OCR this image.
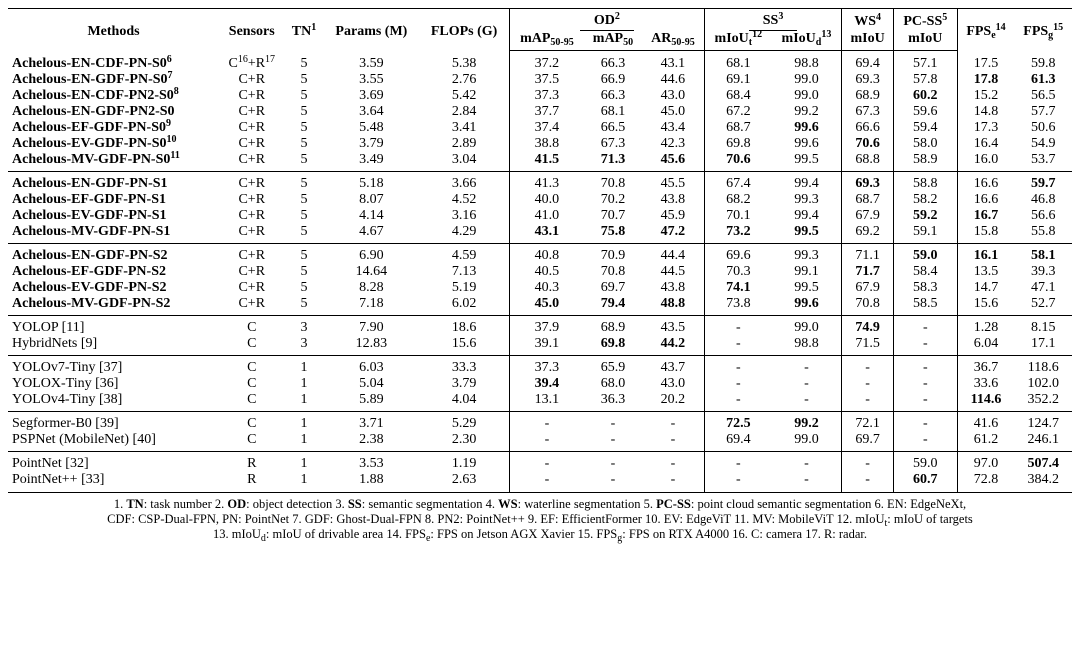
Methods	Sensors	$TN^1$	Params (M)	FLOPs (G)	$OD^2$			$SS^3$		$WS^4$	$PC-SS^5$	$FPS_e^{14}$	$FPS_g^{15}$
					mAP$_{50-95}$	mAP$_{50}$	$AR_{50-95}$	mIoU$_t^{12}$	mIoU$_d^{13}$	mIoU	mIoU		
Achelous-$EN-CDF-PN-S0^6$	$C^{16}+R^{17}$	5	3.59	5.38	37.2	66.3	43.1	68.1	98.8	69.4	57.1	17.5	59.8
Achelous-$EN-GDF-PN-S0^7$	C+R	5	3.55	2.76	37.5	66.9	44.6	69.1	99.0	69.3	57.8	17.8	61.3
Achelous-$EN-CDF-PN2-S0^8$	C+R	5	3.69	5.42	37.3	66.3	43.0	68.4	99.0	68.9	60.2	15.2	56.5
Achelous-EN-GDF-PN2-S0	C+R	5	3.64	2.84	37.7	68.1	45.0	67.2	99.2	67.3	59.6	14.8	57.7
Achelous-$EF-GDF-PN-S0^9$	C+R	5	5.48	3.41	37.4	66.5	43.4	68.7	99.6	66.6	59.4	17.3	50.6
Achelous-$EV-GDF-PN-S0^{10}$	C+R	5	3.79	2.89	38.8	67.3	42.3	69.8	99.6	70.6	58.0	16.4	54.9
Achelous-$MV-GDF-PN-S0^{11}$	C+R	5	3.49	3.04	41.5	71.3	45.6	70.6	99.5	68.8	58.9	16.0	53.7
Achelous-EN-GDF-PN-S1	C+R	5	5.18	3.66	41.3	70.8	45.5	67.4	99.4	69.3	58.8	16.6	59.7
Achelous-EF-GDF-PN-S1	C+R	5	8.07	4.52	40.0	70.2	43.8	68.2	99.3	68.7	58.2	16.6	46.8
Achelous-EV-GDF-PN-S1	C+R	5	4.14	3.16	41.0	70.7	45.9	70.1	99.4	67.9	59.2	16.7	56.6
Achelous-MV-GDF-PN-S1	C+R	5	4.67	4.29	43.1	75.8	47.2	73.2	99.5	69.2	59.1	15.8	55.8
Achelous-EN-GDF-PN-S2	C+R	5	6.90	4.59	40.8	70.9	44.4	69.6	99.3	71.1	59.0	16.1	58.1
Achelous-EF-GDF-PN-S2	C+R	5	14.64	7.13	40.5	70.8	44.5	70.3	99.1	71.7	58.4	13.5	39.3
Achelous-EV-GDF-PN-S2	C+R	5	8.28	5.19	40.3	69.7	43.8	74.1	99.5	67.9	58.3	14.7	47.1
Achelous-MV-GDF-PN-S2	C+R	5	7.18	6.02	45.0	79.4	48.8	73.8	99.6	70.8	58.5	15.6	52.7
YOLOP [11]	C	3	7.90	18.6	37.9	68.9	43.5	-	99.0	74.9	-	1.28	8.15
HybridNets [9]	C	3	12.83	15.6	39.1	69.8	44.2	-	98.8	71.5	-	6.04	17.1
YOLOv7-Tiny [37]	C	1	6.03	33.3	37.3	65.9	43.7	-	-	-	-	36.7	118.6
YOLOX-Tiny [36]	C	1	5.04	3.79	39.4	68.0	43.0	-	-	-	-	33.6	102.0
YOLOv4-Tiny [38]	C	1	5.89	4.04	13.1	36.3	20.2	-	-	-	-	114.6	352.2
Segformer-B0 [39]	C	1	3.71	5.29	-	-	-	72.5	99.2	72.1	-	41.6	124.7
PSPNet (MobileNet) [40]	C	1	2.38	2.30	-	-	-	69.4	99.0	69.7	-	61.2	246.1
PointNet [32]	R	1	3.53	1.19	-	-	-	-	-	-	59.0	97.0	507.4
PointNet++ [33]	R	1	1.88	2.63	-	-	-	-	-	-	60.7	72.8	384.2
1. TN: task number 2. OD: object detection 3. SS: semantic segmentation 4. WS: waterline segmentation 5. PC-SS: point cloud semantic segmentation 6. EN: EdgeNeXt,
CDF: CSP-Dual-FPN, PN: PointNet 7. GDF: Ghost-Dual-FPN 8. PN2: PointNet++ 9. EF: EfficientFormer 10. EV: EdgeViT 11. MV: MobileViT 12. mIoU$_t$: mIoU of targets
13. mIoU$_d$: mIoU of drivable area 14. $FPS_e$: FPS on Jetson AGX Xavier 15. $FPS_g$: FPS on RTX A4000 16. C: camera 17. R: radar.
